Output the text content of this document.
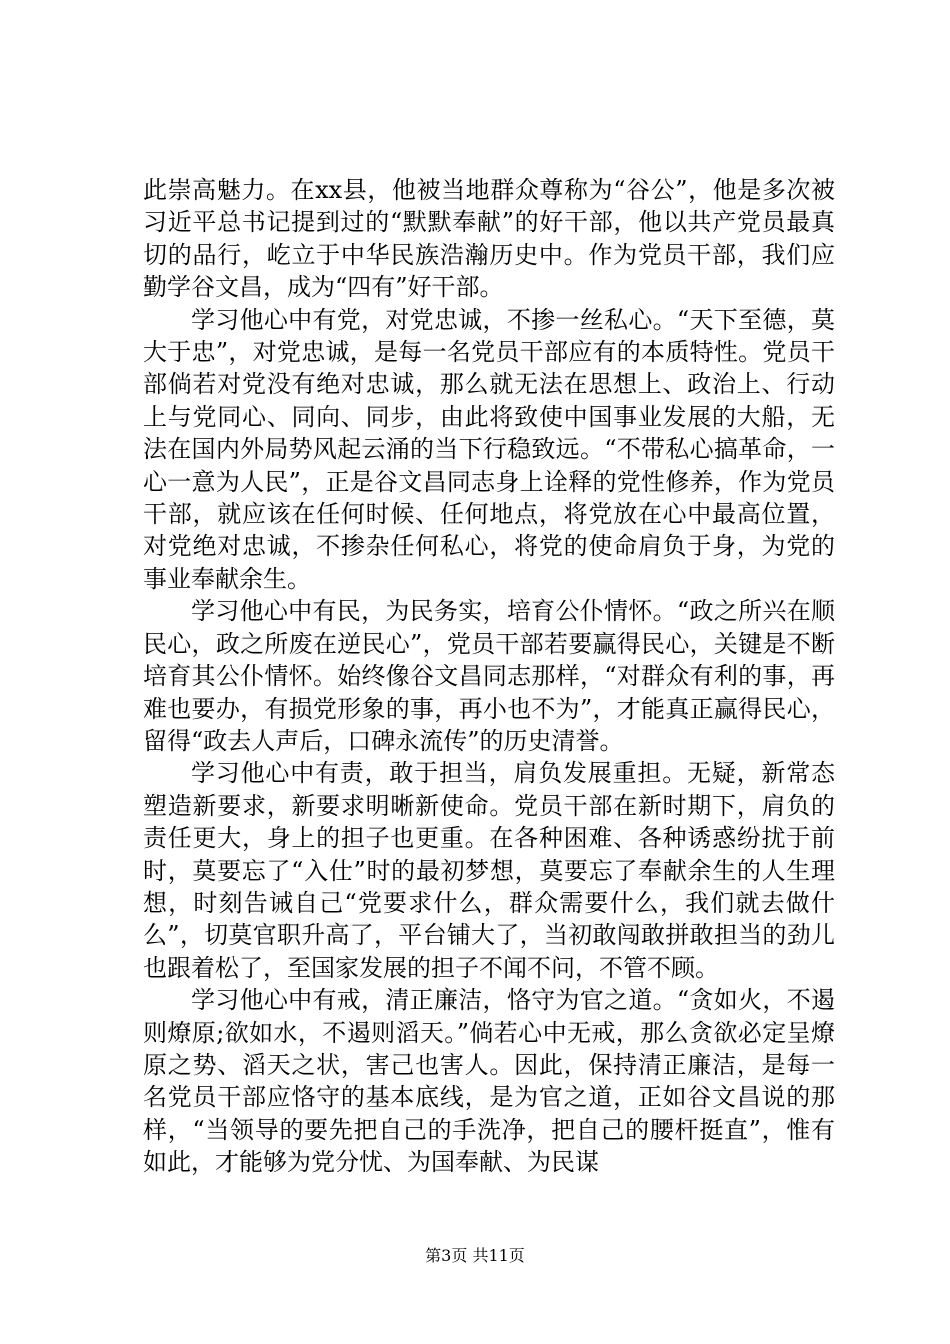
此崇高魅力。在xx县，他被当地群众尊称为“谷公”，他是多次被习近平总书记提到过的“默默奉献”的好干部，他以共产党员最真切的品行，屹立于中华民族浩瀚历史中。作为党员干部，我们应勤学谷文昌，成为“四有”好干部。

学习他心中有党，对党忠诚，不掺一丝私心。“天下至德，莫大于忠”，对党忠诚，是每一名党员干部应有的本质特性。党员干部倘若对党没有绝对忠诚，那么就无法在思想上、政治上、行动上与党同心、同向、同步，由此将致使中国事业发展的大船，无法在国内外局势风起云涌的当下行稳致远。“不带私心搞革命，一心一意为人民”，正是谷文昌同志身上诠释的党性修养，作为党员干部，就应该在任何时候、任何地点，将党放在心中最高位置，对党绝对忠诚，不掺杂任何私心，将党的使命肩负于身，为党的事业奉献余生。

学习他心中有民，为民务实，培育公仆情怀。“政之所兴在顺民心，政之所废在逆民心”，党员干部若要赢得民心，关键是不断培育其公仆情怀。始终像谷文昌同志那样，“对群众有利的事，再难也要办，有损党形象的事，再小也不为”，才能真正赢得民心，留得“政去人声后，口碑永流传”的历史清誉。

学习他心中有责，敢于担当，肩负发展重担。无疑，新常态塑造新要求，新要求明晰新使命。党员干部在新时期下，肩负的责任更大，身上的担子也更重。在各种困难、各种诱惑纷扰于前时，莫要忘了“入仕”时的最初梦想，莫要忘了奉献余生的人生理想，时刻告诫自己“党要求什么，群众需要什么，我们就去做什么”，切莫官职升高了，平台铺大了，当初敢闯敢拼敢担当的劲儿也跟着松了，至国家发展的担子不闻不问，不管不顾。

学习他心中有戒，清正廉洁，恪守为官之道。“贪如火，不遏则燎原;欲如水，不遏则滔天。”倘若心中无戒，那么贪欲必定呈燎原之势、滔天之状，害己也害人。因此，保持清正廉洁，是每一名党员干部应恪守的基本底线，是为官之道，正如谷文昌说的那样，“当领导的要先把自己的手洗净，把自己的腰杆挺直”，惟有如此，才能够为党分忧、为国奉献、为民谋

第3页 共11页
